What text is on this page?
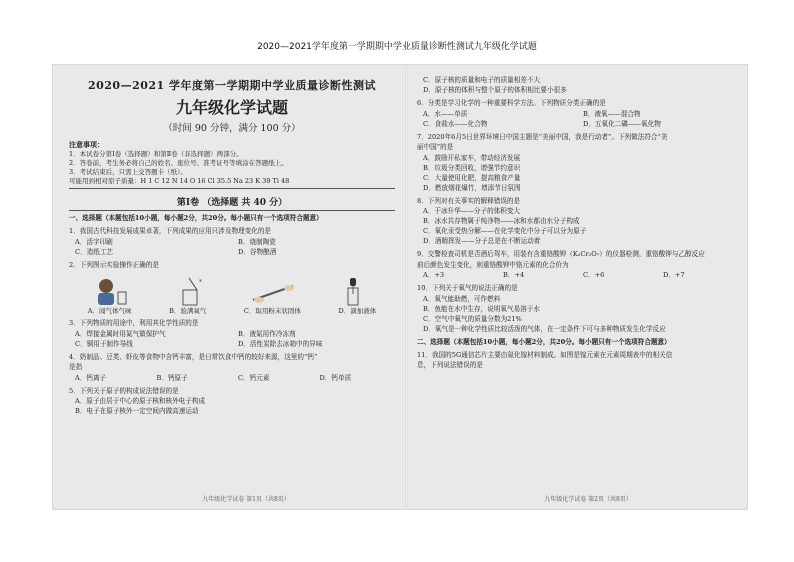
2020—2021学年度第一学期期中学业质量诊断性测试九年级化学试题
2020—2021 学年度第一学期期中学业质量诊断性测试
九年级化学试题
（时间 90 分钟，满分 100 分）
注意事项：
1．本试卷分第Ⅰ卷（选择题）和第Ⅱ卷（非选择题）两部分。
2．答卷前，考生务必将自己的姓名、座位号、准考证号等填涂在答题纸上。
3．考试结束后，只需上交答题卡（纸）。
可能用到相对原子质量：H 1 C 12 N 14 O 16 Cl 35.5 Na 23 K 39 Ti 48
第Ⅰ卷 （选择题 共 40 分）
一、选择题（本题包括10小题，每小题2分，共20分。每小题只有一个选项符合题意）
1．我国古代科技发展成果卓著，下列成果的应用只涉及物理变化的是
A．活字印刷	B．烧制陶瓷
C．造纸工艺	D．谷物酿酒
2．下列图示实验操作正确的是
*
A．闻气体气味	B．验满氧气	C．取用粉末状固体	D．滴加液体
3．下列物质的用途中，利用其化学性质的是
A．焊接金属时用氮气做保护气	B．液氮用作冷冻剂
C．铜用于制作导线	D．活性炭除去冰箱中的异味
4．奶制品、豆类、虾皮等食物中含钙丰富，是日常饮食中钙的较好来源，这里的“钙”
是指
A．钙离子	B．钙原子	C．钙元素	D．钙单质
5．下列关于原子的构成说法错误的是
A．原子由居于中心的原子核和核外电子构成
B．电子在原子核外一定空间内做高速运动
九年级化学试卷 第1页（共8页）
C．原子核的质量和电子的质量相差不大
D．原子核的体积与整个原子的体积相比要小很多
6．分类是学习化学的一种重要科学方法。下列物质分类正确的是
A．水——单质	B．液氧——混合物
C．食盐水——化合物	D．五氧化二磷——氧化物
7．2020年6月5日世界环境日中国主题是“美丽中国，我是行动者”。下列做法符合“美
丽中国”的是
A．鼓励开私家车，带动经济发展
B．垃圾分类回收，增强节约意识
C．大量使用化肥，提高粮食产量
D．燃放烟花爆竹，增添节日氛围
8．下列对有关事实的解释错误的是
A．干冰升华——分子的体积变大
B．冰水共存物属于纯净物——冰和水都由水分子构成
C．氧化汞受热分解——在化学变化中分子可以分为原子
D．酒精挥发——分子总是在不断运动着
9．交警检查司机是否酒后驾车，用装有含重铬酸钾（K₂Cr₂O₇）的仪器检测，重铬酸钾与乙醇反应
前后颜色发生变化，则重铬酸钾中铬元素的化合价为
A．+3	B．+4	C．+6	D．+7
10．下列关于氧气的说法正确的是
A．氧气能助燃，可作燃料
B．鱼能在水中生存，说明氧气易溶于水
C．空气中氧气的质量分数为21%
D．氧气是一种化学性质比较活泼的气体，在一定条件下可与多种物质发生化学反应
二、选择题（本题包括10小题，每小题2分，共20分。每小题只有一个选项符合题意）
11．我国的5G通信芯片主要由氮化镓材料制成。如图是镓元素在元素周期表中的相关信
息，下列说法错误的是
九年级化学试卷 第2页（共8页）
